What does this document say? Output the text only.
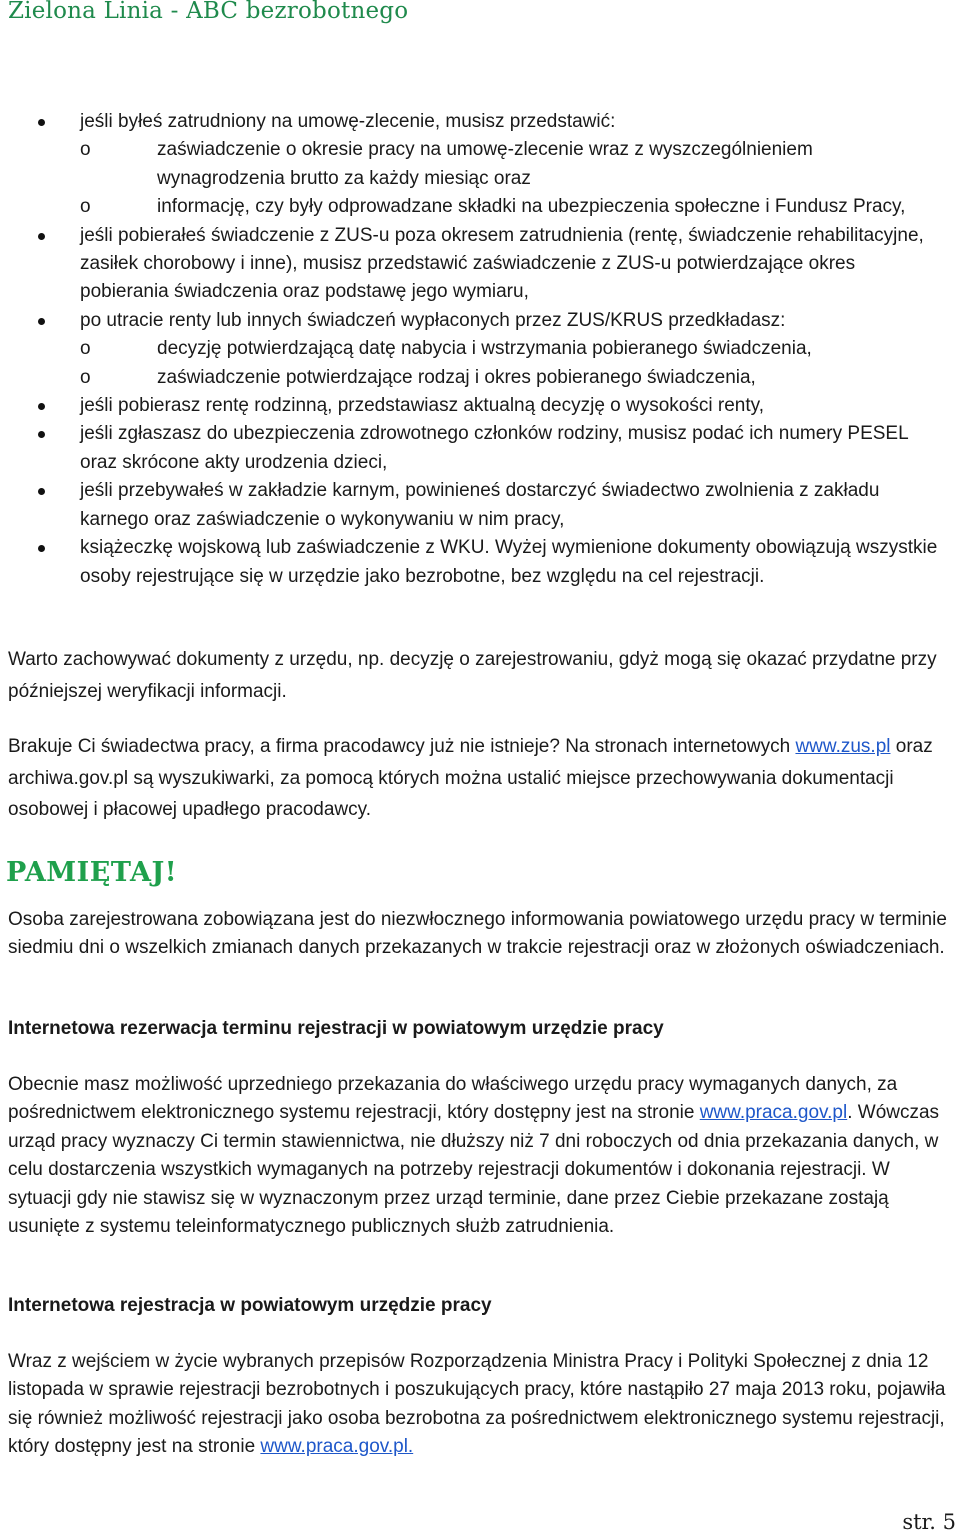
Zielona Linia - ABC bezrobotnego
jeśli byłeś zatrudniony na umowę-zlecenie, musisz przedstawić:
o	zaświadczenie o okresie pracy na umowę-zlecenie wraz z wyszczególnieniem wynagrodzenia brutto za każdy miesiąc oraz
o	informację, czy były odprowadzane składki na ubezpieczenia społeczne i Fundusz Pracy,
jeśli pobierałeś świadczenie z ZUS-u poza okresem zatrudnienia (rentę, świadczenie rehabilitacyjne, zasiłek chorobowy i inne), musisz przedstawić zaświadczenie z ZUS-u potwierdzające okres pobierania świadczenia oraz podstawę jego wymiaru,
po utracie renty lub innych świadczeń wypłaconych przez ZUS/KRUS przedkładasz:
o	decyzję potwierdzającą datę nabycia i wstrzymania pobieranego świadczenia,
o	zaświadczenie potwierdzające rodzaj i okres pobieranego świadczenia,
jeśli pobierasz rentę rodzinną, przedstawiasz aktualną decyzję o wysokości renty,
jeśli zgłaszasz do ubezpieczenia zdrowotnego członków rodziny, musisz podać ich numery PESEL oraz skrócone akty urodzenia dzieci,
jeśli przebywałeś w zakładzie karnym, powinieneś dostarczyć świadectwo zwolnienia z zakładu karnego oraz zaświadczenie o wykonywaniu w nim pracy,
książeczkę wojskową lub zaświadczenie z WKU. Wyżej wymienione dokumenty obowiązują wszystkie osoby rejestrujące się w urzędzie jako bezrobotne, bez względu na cel rejestracji.
Warto zachowywać dokumenty z urzędu, np. decyzję o zarejestrowaniu, gdyż mogą się okazać przydatne przy późniejszej weryfikacji informacji.
Brakuje Ci świadectwa pracy, a firma pracodawcy już nie istnieje? Na stronach internetowych www.zus.pl oraz archiwa.gov.pl są wyszukiwarki, za pomocą których można ustalić miejsce przechowywania dokumentacji osobowej i płacowej upadłego pracodawcy.
PAMIĘTAJ!
Osoba zarejestrowana zobowiązana jest do niezwłocznego informowania powiatowego urzędu pracy w terminie siedmiu dni o wszelkich zmianach danych przekazanych w trakcie rejestracji oraz w złożonych oświadczeniach.
Internetowa rezerwacja terminu rejestracji w powiatowym urzędzie pracy
Obecnie masz możliwość uprzedniego przekazania do właściwego urzędu pracy wymaganych danych, za pośrednictwem elektronicznego systemu rejestracji, który dostępny jest na stronie www.praca.gov.pl. Wówczas urząd pracy wyznaczy Ci termin stawiennictwa, nie dłuższy niż 7 dni roboczych od dnia przekazania danych, w celu dostarczenia wszystkich wymaganych na potrzeby rejestracji dokumentów i dokonania rejestracji. W sytuacji gdy nie stawisz się w wyznaczonym przez urząd terminie, dane przez Ciebie przekazane zostają usunięte z systemu teleinformatycznego publicznych służb zatrudnienia.
Internetowa rejestracja w powiatowym urzędzie pracy
Wraz z wejściem w życie wybranych przepisów Rozporządzenia Ministra Pracy i Polityki Społecznej z dnia 12 listopada w sprawie rejestracji bezrobotnych i poszukujących pracy, które nastąpiło 27 maja 2013 roku, pojawiła się również możliwość rejestracji jako osoba bezrobotna za pośrednictwem elektronicznego systemu rejestracji, który dostępny jest na stronie www.praca.gov.pl.
str. 5
